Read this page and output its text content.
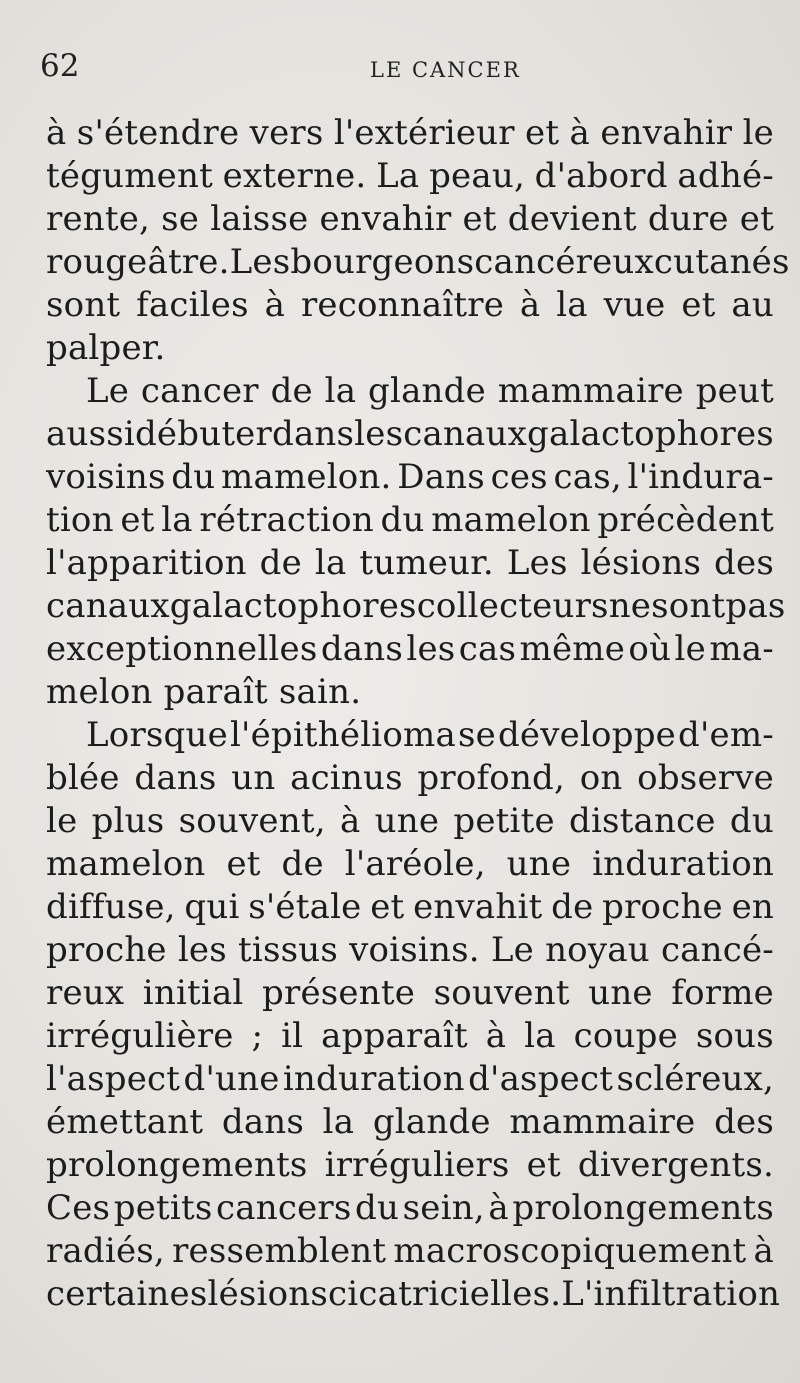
62	LE CANCER
à s'étendre vers l'extérieur et à envahir le
tégument externe. La peau, d'abord adhé-
rente, se laisse envahir et devient dure et
rougeâtre. Les bourgeons cancéreux cutanés
sont faciles à reconnaître à la vue et au
palper.
Le cancer de la glande mammaire peut
aussi débuter dans les canaux galactophores
voisins du mamelon. Dans ces cas, l'indura-
tion et la rétraction du mamelon précèdent
l'apparition de la tumeur. Les lésions des
canaux galactophores collecteurs ne sont pas
exceptionnelles dans les cas même où le ma-
melon paraît sain.
Lorsque l'épithélioma se développe d'em-
blée dans un acinus profond, on observe
le plus souvent, à une petite distance du
mamelon et de l'aréole, une induration
diffuse, qui s'étale et envahit de proche en
proche les tissus voisins. Le noyau cancé-
reux initial présente souvent une forme
irrégulière ; il apparaît à la coupe sous
l'aspect d'une induration d'aspect scléreux,
émettant dans la glande mammaire des
prolongements irréguliers et divergents.
Ces petits cancers du sein, à prolongements
radiés, ressemblent macroscopiquement à
certaines lésions cicatricielles. L'infiltration
